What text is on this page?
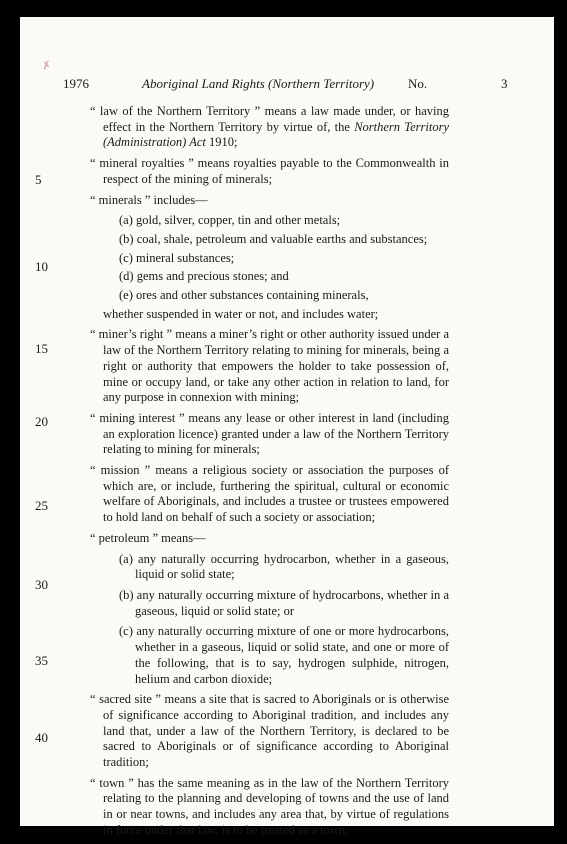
✗
1976	Aboriginal Land Rights (Northern Territory)	No.	3
5
10
15
20
25
30
35
40

“ law of the Northern Territory ” means a law made under, or having effect in the Northern Territory by virtue of, the Northern Territory (Administration) Act 1910;

“ mineral royalties ” means royalties payable to the Commonwealth in respect of the mining of minerals;

“ minerals ” includes—

(a) gold, silver, copper, tin and other metals;

(b) coal, shale, petroleum and valuable earths and substances;

(c) mineral substances;

(d) gems and precious stones; and

(e) ores and other substances containing minerals,

whether suspended in water or not, and includes water;

“ miner’s right ” means a miner’s right or other authority issued under a law of the Northern Territory relating to mining for minerals, being a right or authority that empowers the holder to take possession of, mine or occupy land, or take any other action in relation to land, for any purpose in connexion with mining;

“ mining interest ” means any lease or other interest in land (including an exploration licence) granted under a law of the Northern Territory relating to mining for minerals;

“ mission ” means a religious society or association the purposes of which are, or include, furthering the spiritual, cultural or economic welfare of Aboriginals, and includes a trustee or trustees empowered to hold land on behalf of such a society or association;

“ petroleum ” means—

(a) any naturally occurring hydrocarbon, whether in a gaseous, liquid or solid state;

(b) any naturally occurring mixture of hydrocarbons, whether in a gaseous, liquid or solid state; or

(c) any naturally occurring mixture of one or more hydrocarbons, whether in a gaseous, liquid or solid state, and one or more of the following, that is to say, hydrogen sulphide, nitrogen, helium and carbon dioxide;

“ sacred site ” means a site that is sacred to Aboriginals or is otherwise of significance according to Aboriginal tradition, and includes any land that, under a law of the Northern Territory, is declared to be sacred to Aboriginals or of significance according to Aboriginal tradition;

“ town ” has the same meaning as in the law of the Northern Territory relating to the planning and developing of towns and the use of land in or near towns, and includes any area that, by virtue of regulations in force under that law, is to be treated as a town;
